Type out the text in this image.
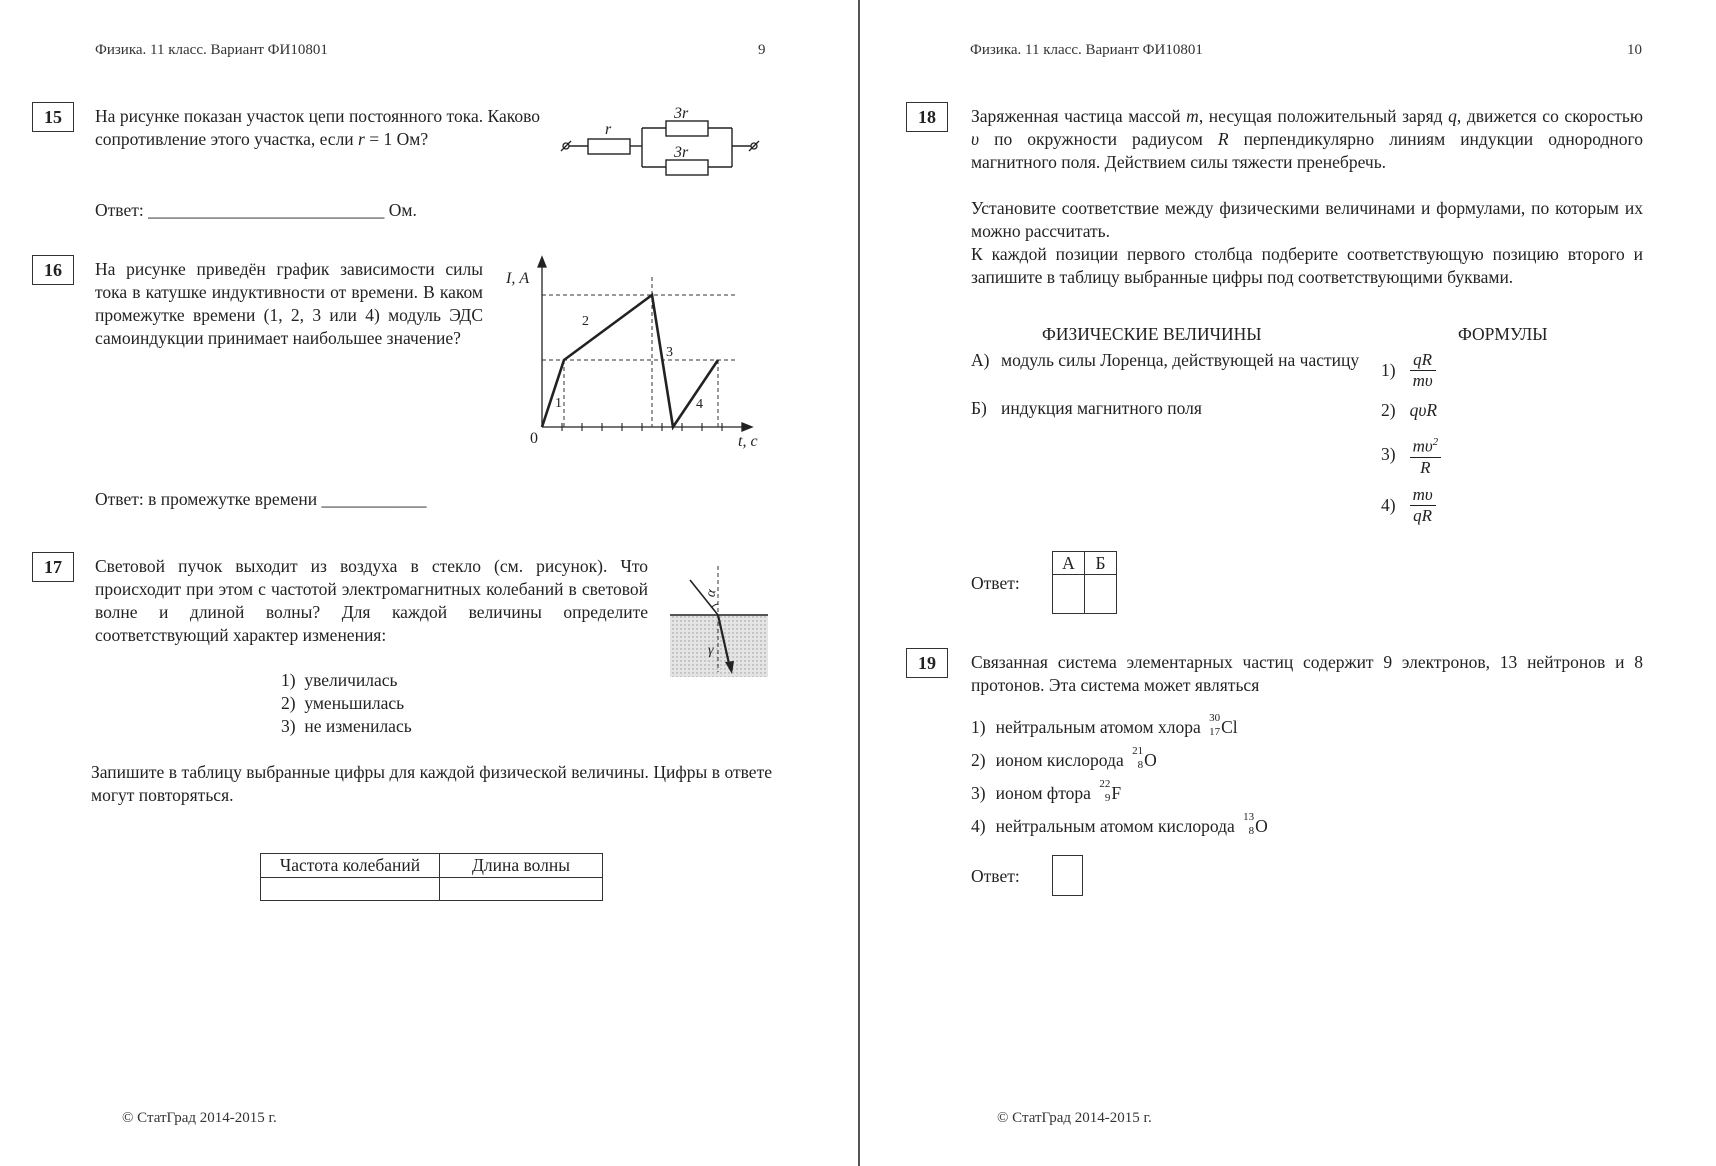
Физика. 11 класс. Вариант ФИ10801	9
15	На рисунке показан участок цепи постоянного тока. Каково сопротивление этого участка, если r = 1 Ом?	r
3r
3r
Ответ: ___________________________ Ом.
16	На рисунке приведён график зависимости силы тока в катушке индуктивности от времени. В каком промежутке времени (1, 2, 3 или 4) модуль ЭДС самоиндукции принимает наибольшее значение?
I, А
t, с
0
1
2
3
4
Ответ: в промежутке времени ____________
17	Световой пучок выходит из воздуха в стекло (см. рисунок). Что происходит при этом с частотой электромагнитных колебаний в световой волне и длиной волны? Для каждой величины определите соответствующий характер изменения:
α
γ
1)  увеличилась
2)  уменьшилась
3)  не изменилась
Запишите в таблицу выбранные цифры для каждой физической величины. Цифры в ответе могут повторяться.
Частота колебаний	Длина волны

© СтатГрад 2014-2015 г.
Физика. 11 класс. Вариант ФИ10801	10
18	Заряженная частица массой m, несущая положительный заряд q, движется со скоростью υ по окружности радиусом R перпендикулярно линиям индукции однородного магнитного поля. Действием силы тяжести пренебречь.
Установите соответствие между физическими величинами и формулами, по которым их можно рассчитать.
К каждой позиции первого столбца подберите соответствующую позицию второго и запишите в таблицу выбранные цифры под соответствующими буквами.
ФИЗИЧЕСКИЕ ВЕЛИЧИНЫ	ФОРМУЛЫ
А) модуль силы Лоренца, действующей на частицу
Б) индукция магнитного поля
$1) \frac{qR}{m\upsilon}$
2) qυR
$3) \frac{m\upsilon^2}{R}$
$4) \frac{m\upsilon}{qR}$
Ответ:
А	Б

19	Связанная система элементарных частиц содержит 9 электронов, 13 нейтронов и 8 протонов. Эта система может являться
1) нейтральным атомом хлора 30
17 Cl
2) ионом кислорода 21
8 O
3) ионом фтора 22
9 F
4) нейтральным атомом кислорода 13
8 O
Ответ:
© СтатГрад 2014-2015 г.
